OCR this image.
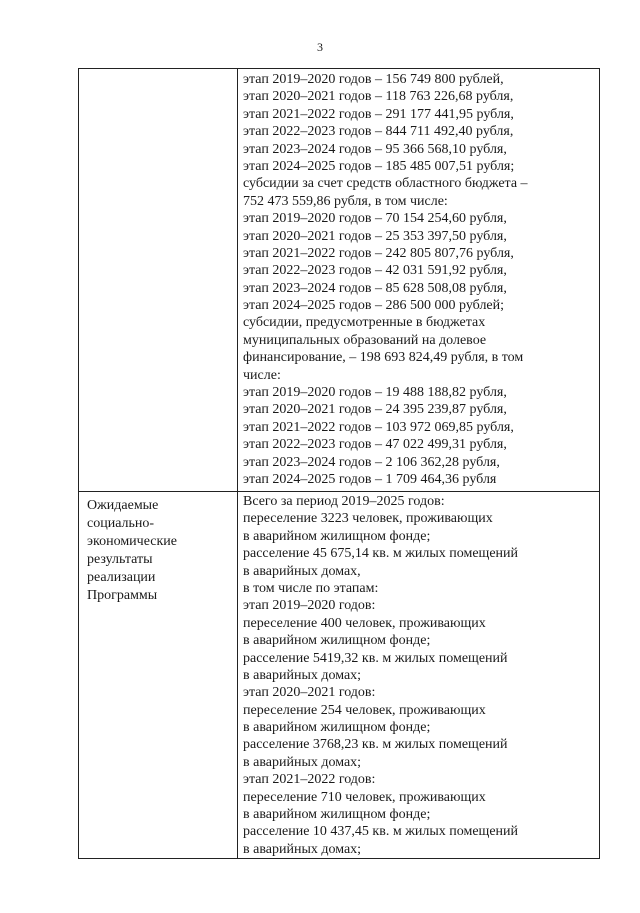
3
этап 2019–2020 годов – 156 749 800 рублей,
этап 2020–2021 годов – 118 763 226,68 рубля,
этап 2021–2022 годов – 291 177 441,95 рубля,
этап 2022–2023 годов – 844 711 492,40 рубля,
этап 2023–2024 годов – 95 366 568,10 рубля,
этап 2024–2025 годов – 185 485 007,51 рубля;
субсидии за счет средств областного бюджета –
752 473 559,86 рубля, в том числе:
этап 2019–2020 годов – 70 154 254,60 рубля,
этап 2020–2021 годов – 25 353 397,50 рубля,
этап 2021–2022 годов – 242 805 807,76 рубля,
этап 2022–2023 годов – 42 031 591,92 рубля,
этап 2023–2024 годов – 85 628 508,08 рубля,
этап 2024–2025 годов – 286 500 000 рублей;
субсидии, предусмотренные в бюджетах
муниципальных образований на долевое
финансирование, – 198 693 824,49 рубля, в том
числе:
этап 2019–2020 годов – 19 488 188,82 рубля,
этап 2020–2021 годов – 24 395 239,87 рубля,
этап 2021–2022 годов – 103 972 069,85 рубля,
этап 2022–2023 годов – 47 022 499,31 рубля,
этап 2023–2024 годов – 2 106 362,28 рубля,
этап 2024–2025 годов – 1 709 464,36 рубля
Ожидаемые
социально-
экономические
результаты
реализации
Программы
Всего за период 2019–2025 годов:
переселение 3223 человек, проживающих
в аварийном жилищном фонде;
расселение 45 675,14 кв. м жилых помещений
в аварийных домах,
в том числе по этапам:
этап 2019–2020 годов:
переселение 400 человек, проживающих
в аварийном жилищном фонде;
расселение 5419,32 кв. м жилых помещений
в аварийных домах;
этап 2020–2021 годов:
переселение 254 человек, проживающих
в аварийном жилищном фонде;
расселение 3768,23 кв. м жилых помещений
в аварийных домах;
этап 2021–2022 годов:
переселение 710 человек, проживающих
в аварийном жилищном фонде;
расселение 10 437,45 кв. м жилых помещений
в аварийных домах;
